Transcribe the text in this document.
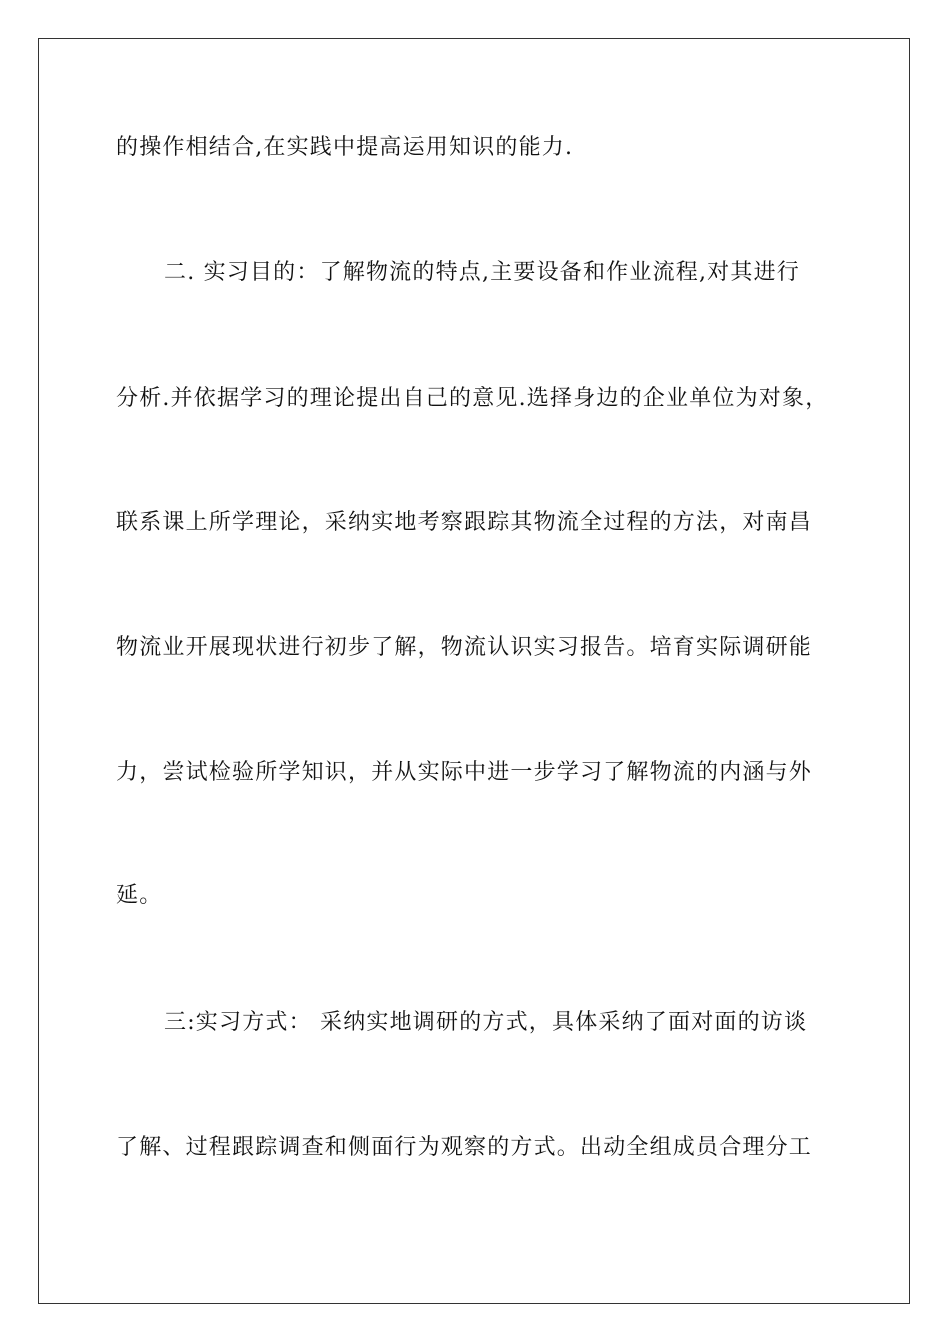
的操作相结合,在实践中提高运用知识的能力.
二. 实习目的：了解物流的特点,主要设备和作业流程,对其进行
分析.并依据学习的理论提出自己的意见.选择身边的企业单位为对象，
联系课上所学理论，采纳实地考察跟踪其物流全过程的方法，对南昌
物流业开展现状进行初步了解，物流认识实习报告。培育实际调研能
力，尝试检验所学知识，并从实际中进一步学习了解物流的内涵与外
延。
三:实习方式： 采纳实地调研的方式，具体采纳了面对面的访谈
了解、过程跟踪调查和侧面行为观察的方式。出动全组成员合理分工
